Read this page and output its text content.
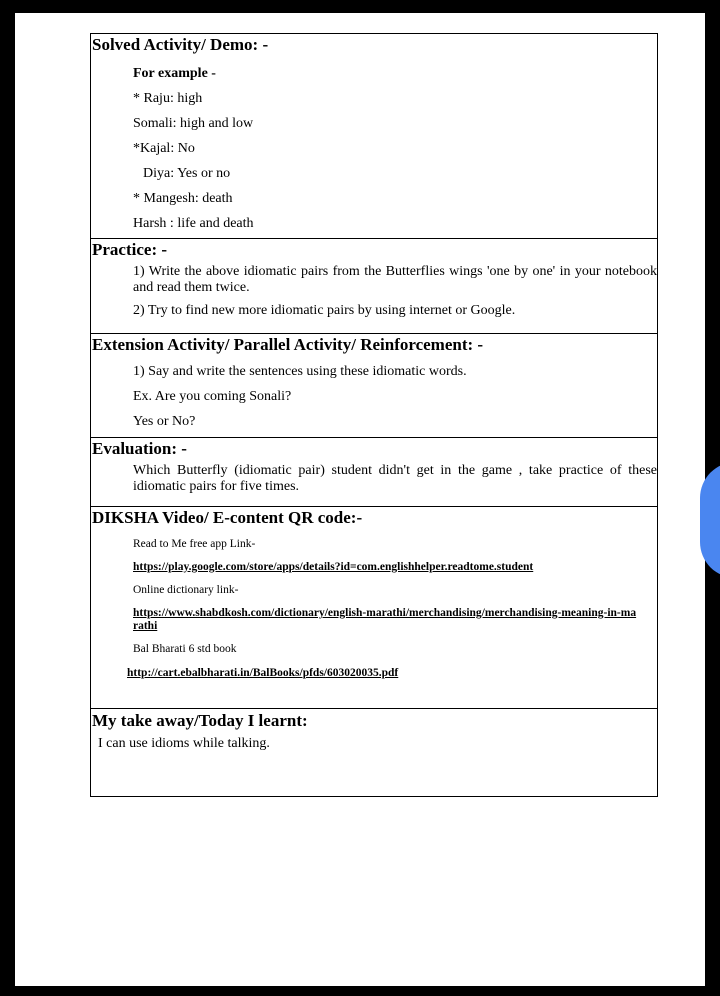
Solved Activity/ Demo: -
For example -
* Raju: high
Somali: high and low
*Kajal: No
Diya: Yes or no
* Mangesh: death
Harsh : life and death
Practice: -
1) Write the above idiomatic pairs from the Butterflies wings 'one by one' in your notebook and read them twice.
2) Try to find new more idiomatic pairs by using internet or Google.
Extension Activity/ Parallel Activity/ Reinforcement: -
1) Say and write the sentences using these idiomatic words.
Ex. Are you coming Sonali?
Yes or No?
Evaluation: -
Which Butterfly (idiomatic pair) student didn't get in the game , take practice of these idiomatic pairs for five times.
DIKSHA Video/ E-content QR code:-
Read to Me free app Link-
https://play.google.com/store/apps/details?id=com.englishhelper.readtome.student
Online dictionary link-
https://www.shabdkosh.com/dictionary/english-marathi/merchandising/merchandising-meaning-in-marathi
Bal Bharati 6 std book
http://cart.ebalbharati.in/BalBooks/pfds/603020035.pdf
My take away/Today I learnt:
I can use idioms while talking.
